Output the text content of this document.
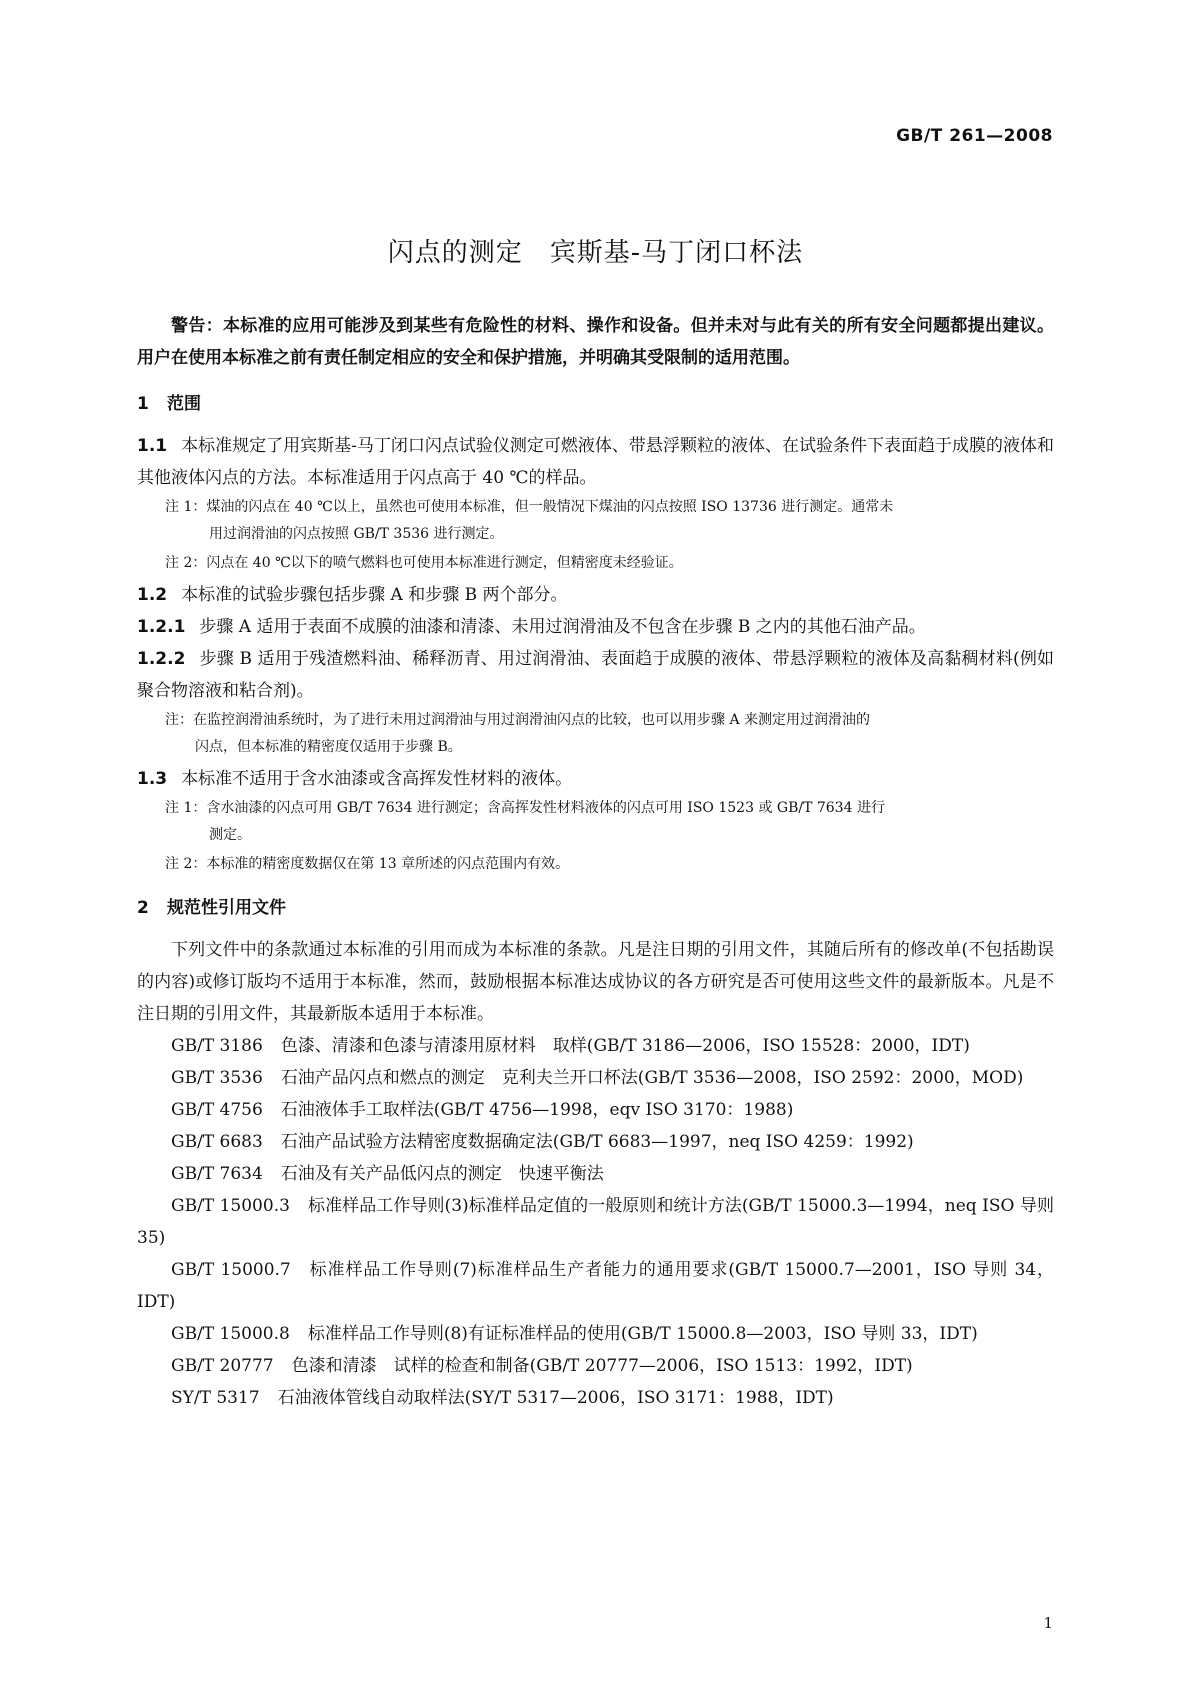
GB/T 261—2008
闪点的测定　宾斯基-马丁闭口杯法

警告：本标准的应用可能涉及到某些有危险性的材料、操作和设备。但并未对与此有关的所有安全问题都提出建议。用户在使用本标准之前有责任制定相应的安全和保护措施，并明确其受限制的适用范围。

1 范围

1.1 本标准规定了用宾斯基-马丁闭口闪点试验仪测定可燃液体、带悬浮颗粒的液体、在试验条件下表面趋于成膜的液体和其他液体闪点的方法。本标准适用于闪点高于 40 ℃的样品。

注 1：煤油的闪点在 40 ℃以上，虽然也可使用本标准，但一般情况下煤油的闪点按照 ISO 13736 进行测定。通常未
用过润滑油的闪点按照 GB/T 3536 进行测定。

注 2：闪点在 40 ℃以下的喷气燃料也可使用本标准进行测定，但精密度未经验证。

1.2 本标准的试验步骤包括步骤 A 和步骤 B 两个部分。

1.2.1 步骤 A 适用于表面不成膜的油漆和清漆、未用过润滑油及不包含在步骤 B 之内的其他石油产品。

1.2.2 步骤 B 适用于残渣燃料油、稀释沥青、用过润滑油、表面趋于成膜的液体、带悬浮颗粒的液体及高黏稠材料(例如聚合物溶液和粘合剂)。

注：在监控润滑油系统时，为了进行未用过润滑油与用过润滑油闪点的比较，也可以用步骤 A 来测定用过润滑油的
闪点，但本标准的精密度仅适用于步骤 B。

1.3 本标准不适用于含水油漆或含高挥发性材料的液体。

注 1：含水油漆的闪点可用 GB/T 7634 进行测定；含高挥发性材料液体的闪点可用 ISO 1523 或 GB/T 7634 进行
测定。

注 2：本标准的精密度数据仅在第 13 章所述的闪点范围内有效。

2 规范性引用文件

下列文件中的条款通过本标准的引用而成为本标准的条款。凡是注日期的引用文件，其随后所有的修改单(不包括勘误的内容)或修订版均不适用于本标准，然而，鼓励根据本标准达成协议的各方研究是否可使用这些文件的最新版本。凡是不注日期的引用文件，其最新版本适用于本标准。

GB/T 3186 色漆、清漆和色漆与清漆用原材料　取样(GB/T 3186—2006，ISO 15528：2000，IDT)

GB/T 3536 石油产品闪点和燃点的测定　克利夫兰开口杯法(GB/T 3536—2008，ISO 2592：2000，MOD)

GB/T 4756 石油液体手工取样法(GB/T 4756—1998，eqv ISO 3170：1988)

GB/T 6683 石油产品试验方法精密度数据确定法(GB/T 6683—1997，neq ISO 4259：1992)

GB/T 7634 石油及有关产品低闪点的测定　快速平衡法

GB/T 15000.3 标准样品工作导则(3)标准样品定值的一般原则和统计方法(GB/T 15000.3—1994，neq ISO 导则 35)

GB/T 15000.7 标准样品工作导则(7)标准样品生产者能力的通用要求(GB/T 15000.7—2001，ISO 导则 34，IDT)

GB/T 15000.8 标准样品工作导则(8)有证标准样品的使用(GB/T 15000.8—2003，ISO 导则 33，IDT)

GB/T 20777 色漆和清漆　试样的检查和制备(GB/T 20777—2006，ISO 1513：1992，IDT)

SY/T 5317 石油液体管线自动取样法(SY/T 5317—2006，ISO 3171：1988，IDT)

1
